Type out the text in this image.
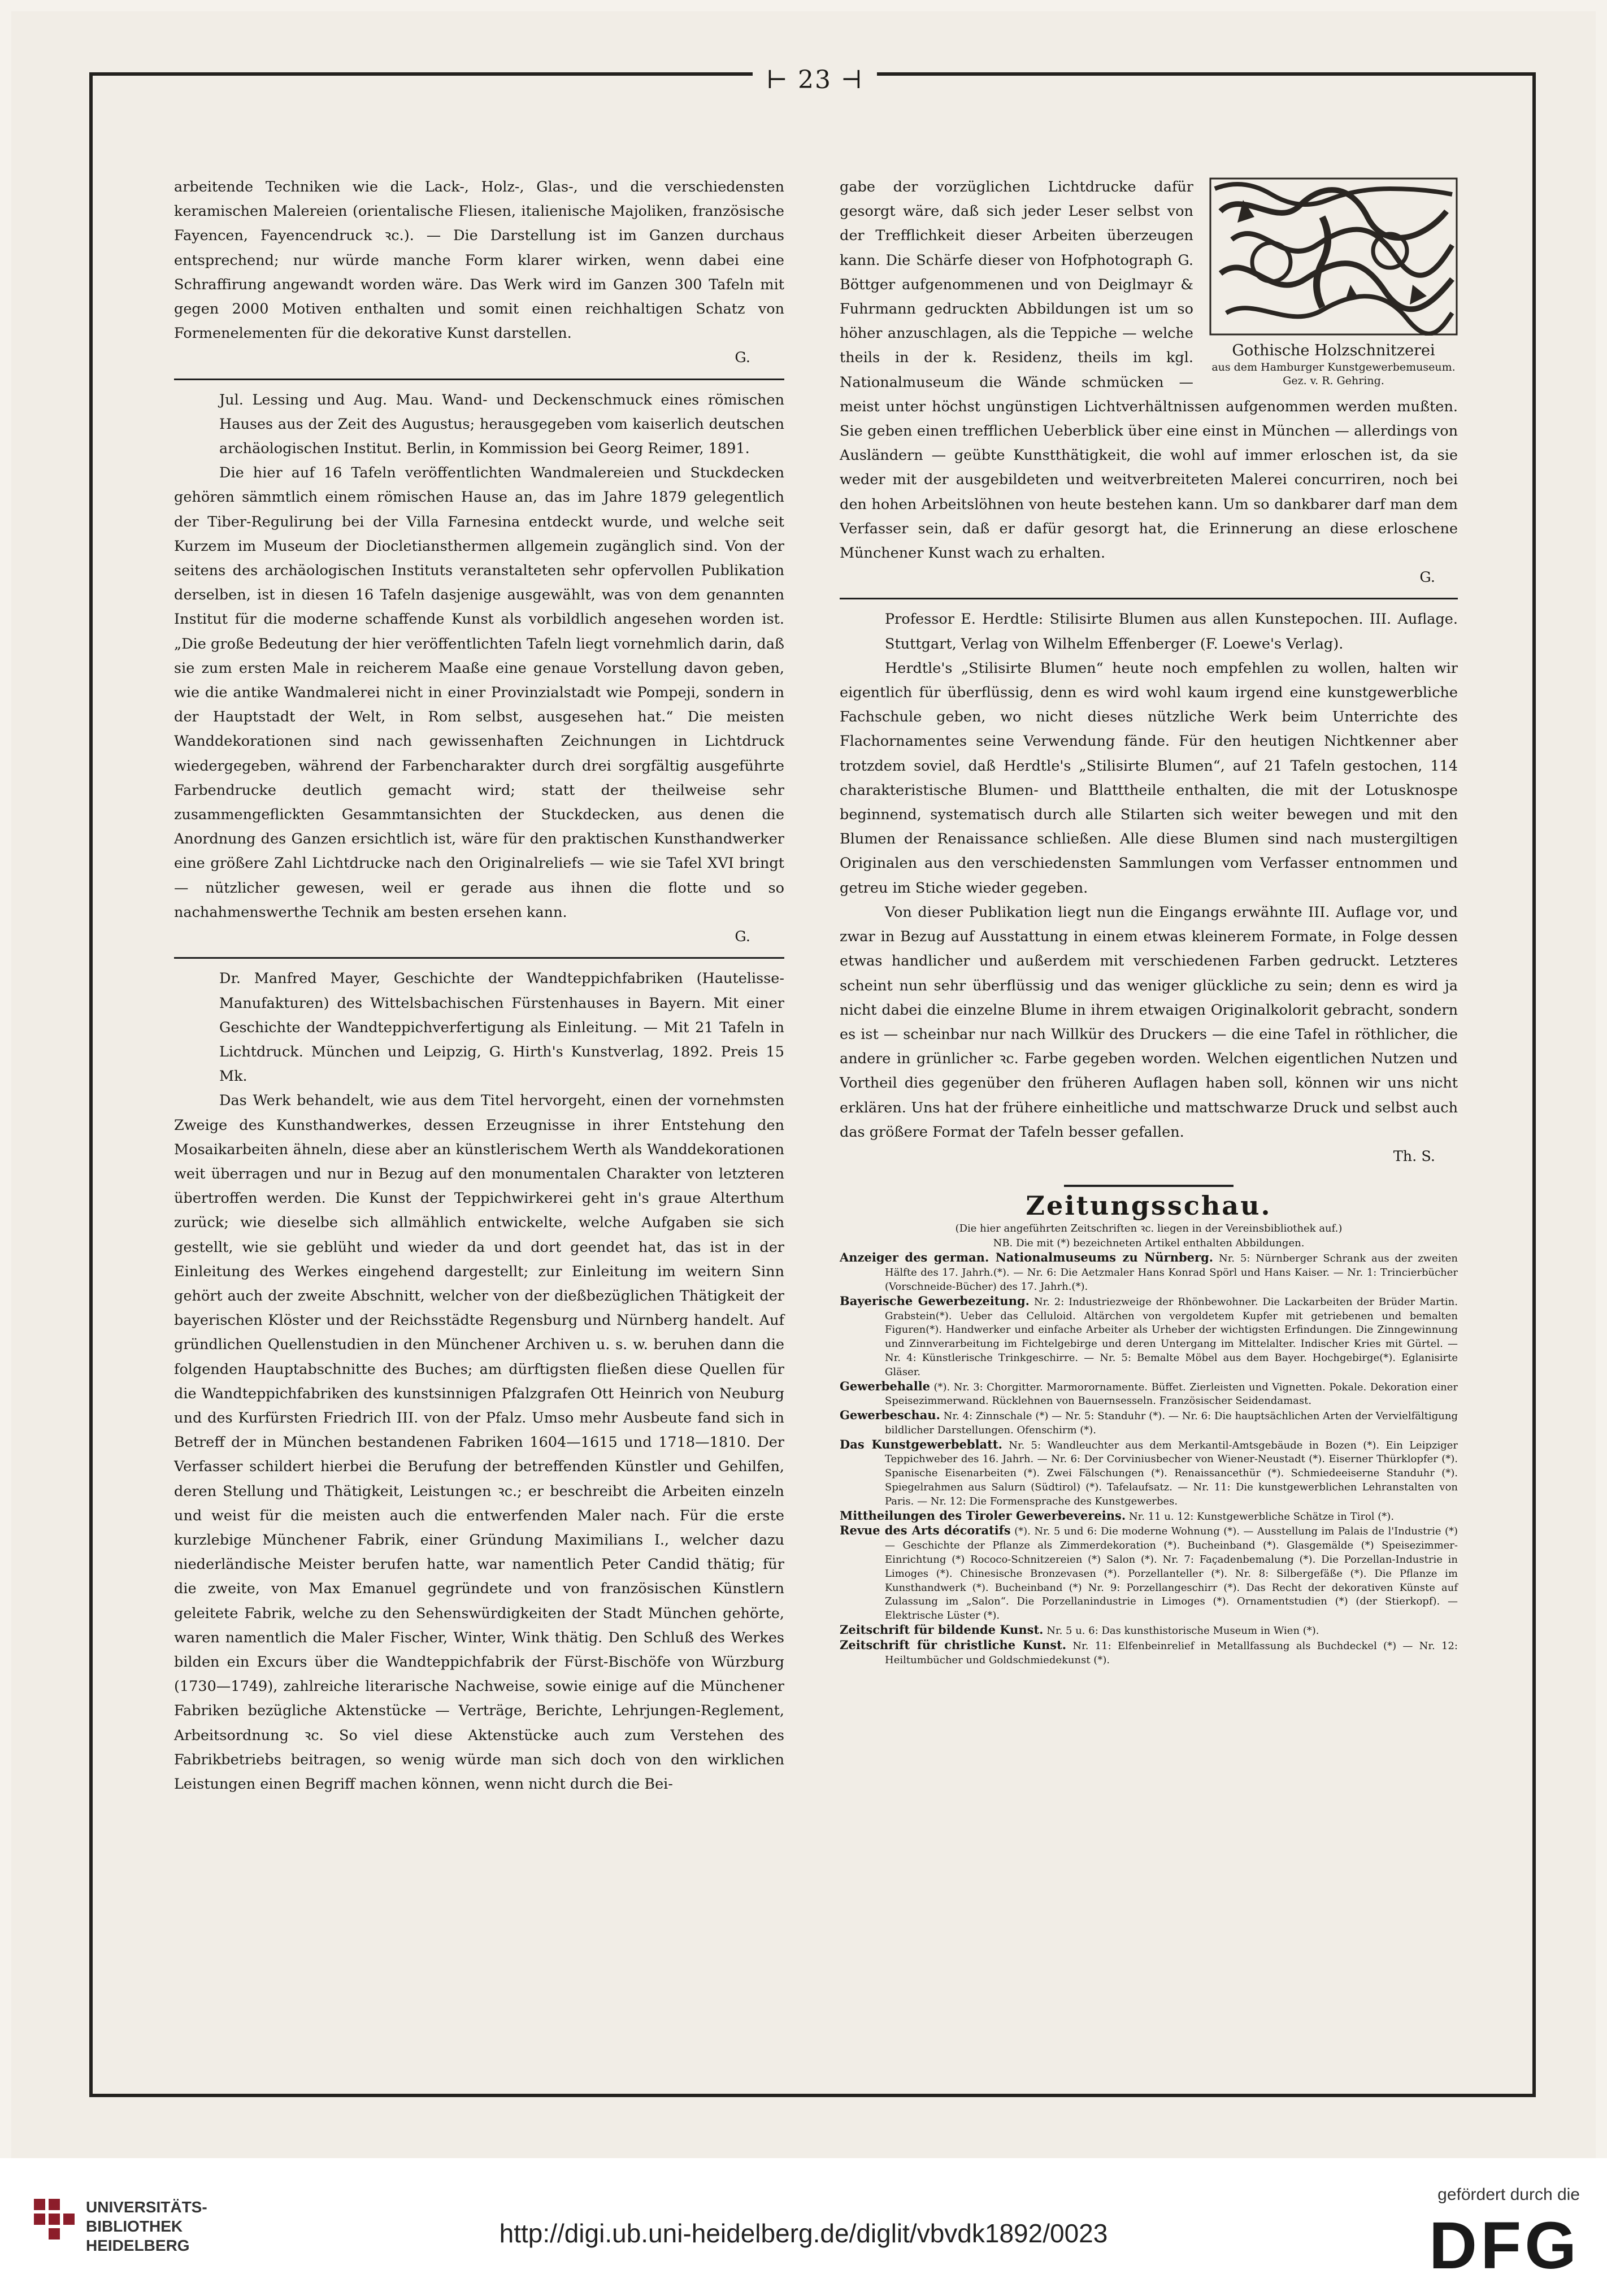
⊢ 23 ⊣

arbeitende Techniken wie die Lack-, Holz-, Glas-, und die verschiedensten keramischen Malereien (orientalische Fliesen, italienische Majoliken, französische Fayencen, Fayencendruck ꝛc.). — Die Darstellung ist im Ganzen durchaus entsprechend; nur würde manche Form klarer wirken, wenn dabei eine Schraffirung angewandt worden wäre. Das Werk wird im Ganzen 300 Tafeln mit gegen 2000 Motiven enthalten und somit einen reichhaltigen Schatz von Formenelementen für die dekorative Kunst darstellen.

G.

Jul. Lessing und Aug. Mau. Wand- und Deckenschmuck eines römischen Hauses aus der Zeit des Augustus; herausgegeben vom kaiserlich deutschen archäologischen Institut. Berlin, in Kommission bei Georg Reimer, 1891.

Die hier auf 16 Tafeln veröffentlichten Wandmalereien und Stuckdecken gehören sämmtlich einem römischen Hause an, das im Jahre 1879 gelegentlich der Tiber-Regulirung bei der Villa Farnesina entdeckt wurde, und welche seit Kurzem im Museum der Diocletiansthermen allgemein zugänglich sind. Von der seitens des archäologischen Instituts veranstalteten sehr opfervollen Publikation derselben, ist in diesen 16 Tafeln dasjenige ausgewählt, was von dem genannten Institut für die moderne schaffende Kunst als vorbildlich angesehen worden ist. „Die große Bedeutung der hier veröffentlichten Tafeln liegt vornehmlich darin, daß sie zum ersten Male in reicherem Maaße eine genaue Vorstellung davon geben, wie die antike Wandmalerei nicht in einer Provinzialstadt wie Pompeji, sondern in der Hauptstadt der Welt, in Rom selbst, ausgesehen hat.“ Die meisten Wanddekorationen sind nach gewissenhaften Zeichnungen in Lichtdruck wiedergegeben, während der Farbencharakter durch drei sorgfältig ausgeführte Farbendrucke deutlich gemacht wird; statt der theilweise sehr zusammengeflickten Gesammtansichten der Stuckdecken, aus denen die Anordnung des Ganzen ersichtlich ist, wäre für den praktischen Kunsthandwerker eine größere Zahl Lichtdrucke nach den Originalreliefs — wie sie Tafel XVI bringt — nützlicher gewesen, weil er gerade aus ihnen die flotte und so nachahmenswerthe Technik am besten ersehen kann.

G.

Dr. Manfred Mayer, Geschichte der Wandteppichfabriken (Hautelisse-Manufakturen) des Wittelsbachischen Fürstenhauses in Bayern. Mit einer Geschichte der Wandteppichverfertigung als Einleitung. — Mit 21 Tafeln in Lichtdruck. München und Leipzig, G. Hirth's Kunstverlag, 1892. Preis 15 Mk.

Das Werk behandelt, wie aus dem Titel hervorgeht, einen der vornehmsten Zweige des Kunsthandwerkes, dessen Erzeugnisse in ihrer Entstehung den Mosaikarbeiten ähneln, diese aber an künstlerischem Werth als Wanddekorationen weit überragen und nur in Bezug auf den monumentalen Charakter von letzteren übertroffen werden. Die Kunst der Teppichwirkerei geht in's graue Alterthum zurück; wie dieselbe sich allmählich entwickelte, welche Aufgaben sie sich gestellt, wie sie geblüht und wieder da und dort geendet hat, das ist in der Einleitung des Werkes eingehend dargestellt; zur Einleitung im weitern Sinn gehört auch der zweite Abschnitt, welcher von der dießbezüglichen Thätigkeit der bayerischen Klöster und der Reichsstädte Regensburg und Nürnberg handelt. Auf gründlichen Quellenstudien in den Münchener Archiven u. s. w. beruhen dann die folgenden Hauptabschnitte des Buches; am dürftigsten fließen diese Quellen für die Wandteppichfabriken des kunstsinnigen Pfalzgrafen Ott Heinrich von Neuburg und des Kurfürsten Friedrich III. von der Pfalz. Umso mehr Ausbeute fand sich in Betreff der in München bestandenen Fabriken 1604—1615 und 1718—1810. Der Verfasser schildert hierbei die Berufung der betreffenden Künstler und Gehilfen, deren Stellung und Thätigkeit, Leistungen ꝛc.; er beschreibt die Arbeiten einzeln und weist für die meisten auch die entwerfenden Maler nach. Für die erste kurzlebige Münchener Fabrik, einer Gründung Maximilians I., welcher dazu niederländische Meister berufen hatte, war namentlich Peter Candid thätig; für die zweite, von Max Emanuel gegründete und von französischen Künstlern geleitete Fabrik, welche zu den Sehenswürdigkeiten der Stadt München gehörte, waren namentlich die Maler Fischer, Winter, Wink thätig. Den Schluß des Werkes bilden ein Excurs über die Wandteppichfabrik der Fürst-Bischöfe von Würzburg (1730—1749), zahlreiche literarische Nachweise, sowie einige auf die Münchener Fabriken bezügliche Aktenstücke — Verträge, Berichte, Lehrjungen-Reglement, Arbeitsordnung ꝛc. So viel diese Aktenstücke auch zum Verstehen des Fabrikbetriebs beitragen, so wenig würde man sich doch von den wirklichen Leistungen einen Begriff machen können, wenn nicht durch die Bei-

Gothische Holzschnitzerei
aus dem Hamburger Kunstgewerbemuseum. Gez. v. R. Gehring.

gabe der vorzüglichen Lichtdrucke dafür gesorgt wäre, daß sich jeder Leser selbst von der Trefflichkeit dieser Arbeiten überzeugen kann. Die Schärfe dieser von Hofphotograph G. Böttger aufgenommenen und von Deiglmayr & Fuhrmann gedruckten Abbildungen ist um so höher anzuschlagen, als die Teppiche — welche theils in der k. Residenz, theils im kgl. Nationalmuseum die Wände schmücken — meist unter höchst ungünstigen Lichtverhältnissen aufgenommen werden mußten. Sie geben einen trefflichen Ueberblick über eine einst in München — allerdings von Ausländern — geübte Kunstthätigkeit, die wohl auf immer erloschen ist, da sie weder mit der ausgebildeten und weitverbreiteten Malerei concurriren, noch bei den hohen Arbeitslöhnen von heute bestehen kann. Um so dankbarer darf man dem Verfasser sein, daß er dafür gesorgt hat, die Erinnerung an diese erloschene Münchener Kunst wach zu erhalten.

G.

Professor E. Herdtle: Stilisirte Blumen aus allen Kunstepochen. III. Auflage. Stuttgart, Verlag von Wilhelm Effenberger (F. Loewe's Verlag).

Herdtle's „Stilisirte Blumen“ heute noch empfehlen zu wollen, halten wir eigentlich für überflüssig, denn es wird wohl kaum irgend eine kunstgewerbliche Fachschule geben, wo nicht dieses nützliche Werk beim Unterrichte des Flachornamentes seine Verwendung fände. Für den heutigen Nichtkenner aber trotzdem soviel, daß Herdtle's „Stilisirte Blumen“, auf 21 Tafeln gestochen, 114 charakteristische Blumen- und Blatttheile enthalten, die mit der Lotusknospe beginnend, systematisch durch alle Stilarten sich weiter bewegen und mit den Blumen der Renaissance schließen. Alle diese Blumen sind nach mustergiltigen Originalen aus den verschiedensten Sammlungen vom Verfasser entnommen und getreu im Stiche wieder gegeben.

Von dieser Publikation liegt nun die Eingangs erwähnte III. Auflage vor, und zwar in Bezug auf Ausstattung in einem etwas kleinerem Formate, in Folge dessen etwas handlicher und außerdem mit verschiedenen Farben gedruckt. Letzteres scheint nun sehr überflüssig und das weniger glückliche zu sein; denn es wird ja nicht dabei die einzelne Blume in ihrem etwaigen Originalkolorit gebracht, sondern es ist — scheinbar nur nach Willkür des Druckers — die eine Tafel in röthlicher, die andere in grünlicher ꝛc. Farbe gegeben worden. Welchen eigentlichen Nutzen und Vortheil dies gegenüber den früheren Auflagen haben soll, können wir uns nicht erklären. Uns hat der frühere einheitliche und mattschwarze Druck und selbst auch das größere Format der Tafeln besser gefallen.

Th. S.
Zeitungsschau.
(Die hier angeführten Zeitschriften ꝛc. liegen in der Vereinsbibliothek auf.)
NB. Die mit (*) bezeichneten Artikel enthalten Abbildungen.

Anzeiger des german. Nationalmuseums zu Nürnberg. Nr. 5: Nürnberger Schrank aus der zweiten Hälfte des 17. Jahrh.(*). — Nr. 6: Die Aetzmaler Hans Konrad Spörl und Hans Kaiser. — Nr. 1: Trincierbücher (Vorschneide-Bücher) des 17. Jahrh.(*).

Bayerische Gewerbezeitung. Nr. 2: Industriezweige der Rhönbewohner. Die Lackarbeiten der Brüder Martin. Grabstein(*). Ueber das Celluloid. Altärchen von vergoldetem Kupfer mit getriebenen und bemalten Figuren(*). Handwerker und einfache Arbeiter als Urheber der wichtigsten Erfindungen. Die Zinngewinnung und Zinnverarbeitung im Fichtelgebirge und deren Untergang im Mittelalter. Indischer Kries mit Gürtel. — Nr. 4: Künstlerische Trinkgeschirre. — Nr. 5: Bemalte Möbel aus dem Bayer. Hochgebirge(*). Eglanisirte Gläser.

Gewerbehalle (*). Nr. 3: Chorgitter. Marmorornamente. Büffet. Zierleisten und Vignetten. Pokale. Dekoration einer Speisezimmerwand. Rücklehnen von Bauernsesseln. Französischer Seidendamast.

Gewerbeschau. Nr. 4: Zinnschale (*) — Nr. 5: Standuhr (*). — Nr. 6: Die hauptsächlichen Arten der Vervielfältigung bildlicher Darstellungen. Ofenschirm (*).

Das Kunstgewerbeblatt. Nr. 5: Wandleuchter aus dem Merkantil-Amtsgebäude in Bozen (*). Ein Leipziger Teppichweber des 16. Jahrh. — Nr. 6: Der Corviniusbecher von Wiener-Neustadt (*). Eiserner Thürklopfer (*). Spanische Eisenarbeiten (*). Zwei Fälschungen (*). Renaissancethür (*). Schmiedeeiserne Standuhr (*). Spiegelrahmen aus Salurn (Südtirol) (*). Tafelaufsatz. — Nr. 11: Die kunstgewerblichen Lehranstalten von Paris. — Nr. 12: Die Formensprache des Kunstgewerbes.

Mittheilungen des Tiroler Gewerbevereins. Nr. 11 u. 12: Kunstgewerbliche Schätze in Tirol (*).

Revue des Arts décoratifs (*). Nr. 5 und 6: Die moderne Wohnung (*). — Ausstellung im Palais de l'Industrie (*) — Geschichte der Pflanze als Zimmerdekoration (*). Bucheinband (*). Glasgemälde (*) Speisezimmer-Einrichtung (*) Rococo-Schnitzereien (*) Salon (*). Nr. 7: Façadenbemalung (*). Die Porzellan-Industrie in Limoges (*). Chinesische Bronzevasen (*). Porzellanteller (*). Nr. 8: Silbergefäße (*). Die Pflanze im Kunsthandwerk (*). Bucheinband (*) Nr. 9: Porzellangeschirr (*). Das Recht der dekorativen Künste auf Zulassung im „Salon“. Die Porzellanindustrie in Limoges (*). Ornamentstudien (*) (der Stierkopf). — Elektrische Lüster (*).

Zeitschrift für bildende Kunst. Nr. 5 u. 6: Das kunsthistorische Museum in Wien (*).

Zeitschrift für christliche Kunst. Nr. 11: Elfenbeinrelief in Metallfassung als Buchdeckel (*) — Nr. 12: Heiltumbücher und Goldschmiedekunst (*).

UNIVERSITÄTS-
BIBLIOTHEK
HEIDELBERG	http://digi.ub.uni-heidelberg.de/diglit/vbvdk1892/0023
gefördert durch die
DFG
